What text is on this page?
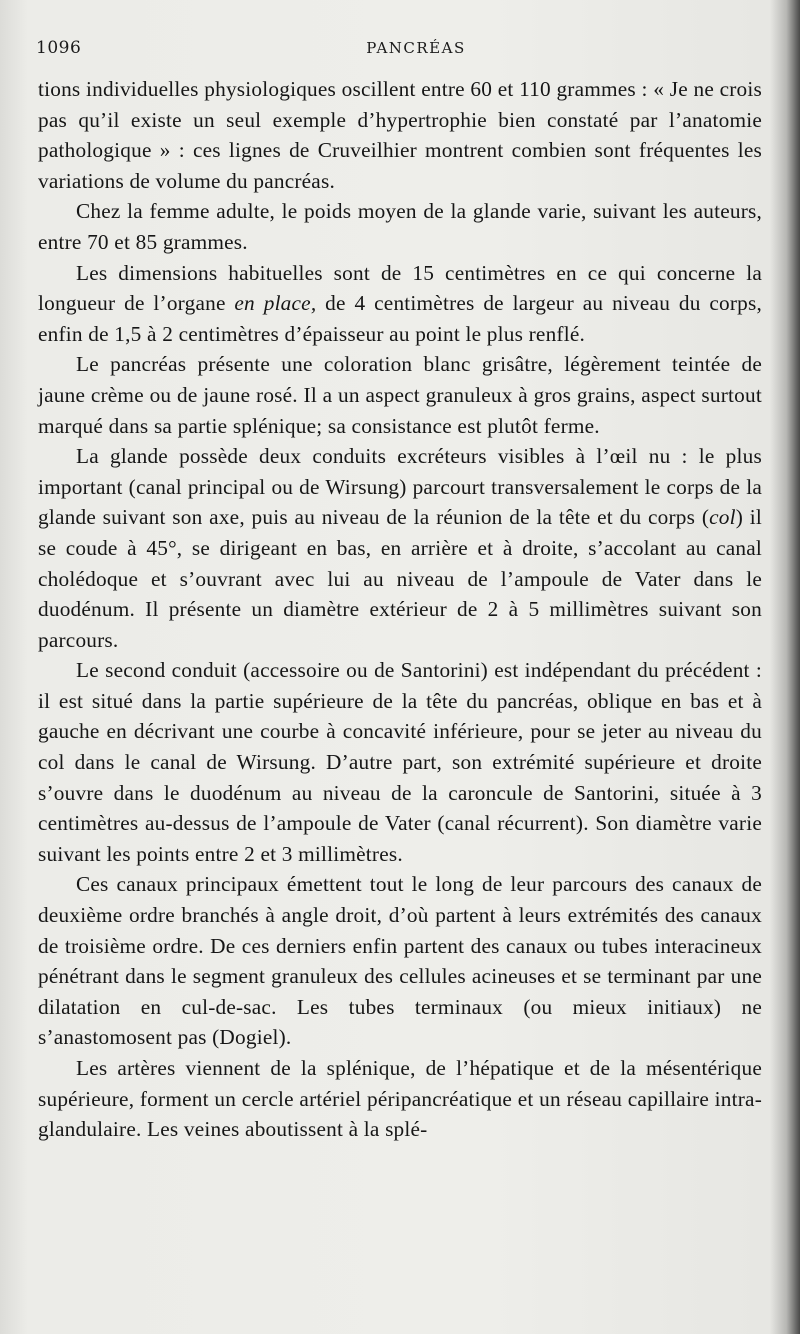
1096	PANCRÉAS

tions individuelles physiologiques oscillent entre 60 et 110 grammes : « Je ne crois pas qu’il existe un seul exemple d’hypertrophie bien constaté par l’anatomie pathologique » : ces lignes de Cruveilhier montrent combien sont fréquentes les variations de volume du pancréas.

Chez la femme adulte, le poids moyen de la glande varie, suivant les auteurs, entre 70 et 85 grammes.

Les dimensions habituelles sont de 15 centimètres en ce qui concerne la longueur de l’organe en place, de 4 centimètres de largeur au niveau du corps, enfin de 1,5 à 2 centimètres d’épaisseur au point le plus renflé.

Le pancréas présente une coloration blanc grisâtre, légèrement teintée de jaune crème ou de jaune rosé. Il a un aspect granuleux à gros grains, aspect surtout marqué dans sa partie splénique; sa consistance est plutôt ferme.

La glande possède deux conduits excréteurs visibles à l’œil nu : le plus important (canal principal ou de Wirsung) parcourt transversalement le corps de la glande suivant son axe, puis au niveau de la réunion de la tête et du corps (col) il se coude à 45°, se dirigeant en bas, en arrière et à droite, s’accolant au canal cholédoque et s’ouvrant avec lui au niveau de l’ampoule de Vater dans le duodénum. Il présente un diamètre extérieur de 2 à 5 millimètres suivant son parcours.

Le second conduit (accessoire ou de Santorini) est indépendant du précédent : il est situé dans la partie supérieure de la tête du pancréas, oblique en bas et à gauche en décrivant une courbe à concavité inférieure, pour se jeter au niveau du col dans le canal de Wirsung. D’autre part, son extrémité supérieure et droite s’ouvre dans le duodénum au niveau de la caroncule de Santorini, située à 3 centimètres au-dessus de l’ampoule de Vater (canal récurrent). Son diamètre varie suivant les points entre 2 et 3 millimètres.

Ces canaux principaux émettent tout le long de leur parcours des canaux de deuxième ordre branchés à angle droit, d’où partent à leurs extrémités des canaux de troisième ordre. De ces derniers enfin partent des canaux ou tubes interacineux pénétrant dans le segment granuleux des cellules acineuses et se terminant par une dilatation en cul-de-sac. Les tubes terminaux (ou mieux initiaux) ne s’anastomosent pas (Dogiel).

Les artères viennent de la splénique, de l’hépatique et de la mésentérique supérieure, forment un cercle artériel péripancréatique et un réseau capillaire intra-glandulaire. Les veines aboutissent à la splé-
